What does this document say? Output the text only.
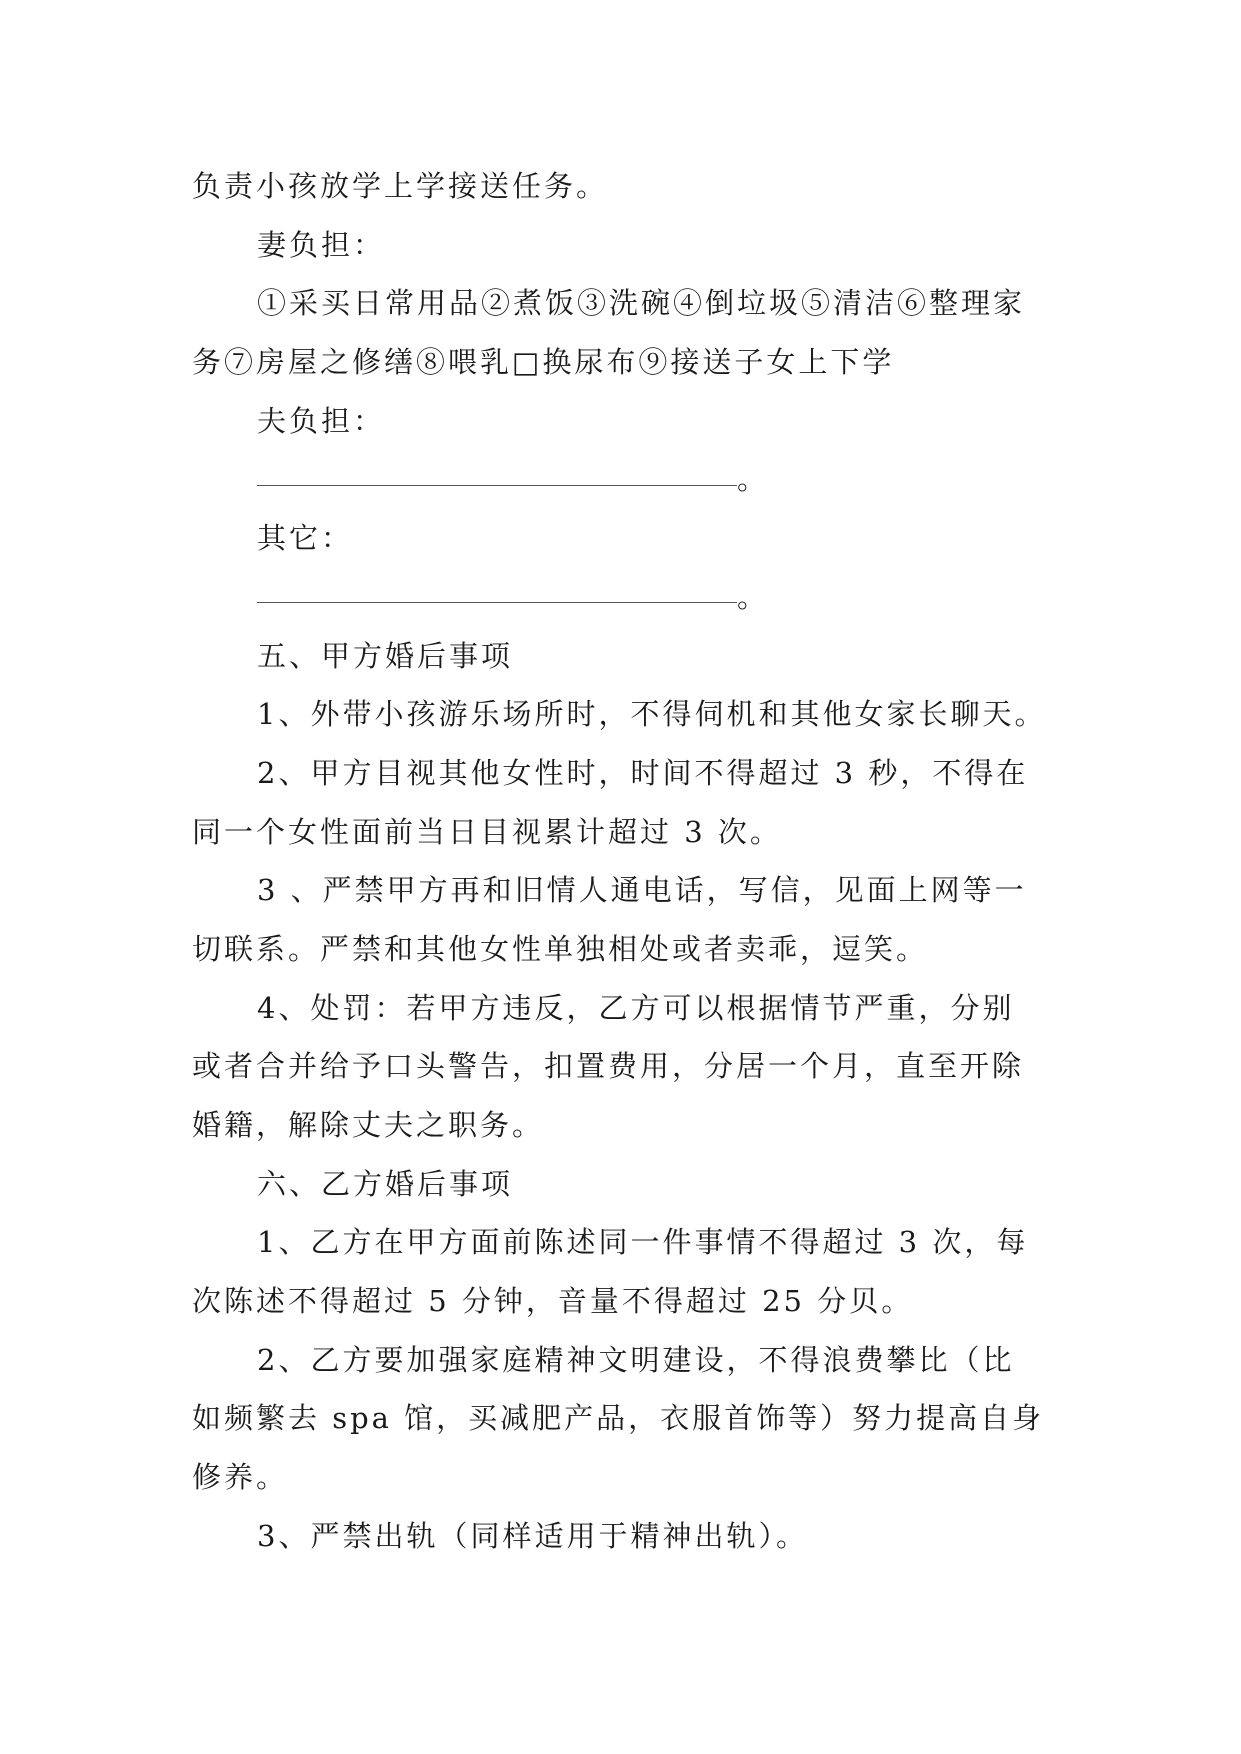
负责小孩放学上学接送任务。
妻负担：
①采买日常用品②煮饭③洗碗④倒垃圾⑤清洁⑥整理家
务⑦房屋之修缮⑧喂乳□换尿布⑨接送子女上下学
夫负担：
。
其它：
。
五、甲方婚后事项
1、外带小孩游乐场所时，不得伺机和其他女家长聊天。
2、甲方目视其他女性时，时间不得超过 3 秒，不得在
同一个女性面前当日目视累计超过 3 次。
3 、严禁甲方再和旧情人通电话，写信，见面上网等一
切联系。严禁和其他女性单独相处或者卖乖，逗笑。
4、处罚：若甲方违反，乙方可以根据情节严重，分别
或者合并给予口头警告，扣置费用，分居一个月，直至开除
婚籍，解除丈夫之职务。
六、乙方婚后事项
1、乙方在甲方面前陈述同一件事情不得超过 3 次，每
次陈述不得超过 5 分钟，音量不得超过 25 分贝。
2、乙方要加强家庭精神文明建设，不得浪费攀比（比
如频繁去 spa 馆，买减肥产品，衣服首饰等）努力提高自身
修养。
3、严禁出轨（同样适用于精神出轨）。
